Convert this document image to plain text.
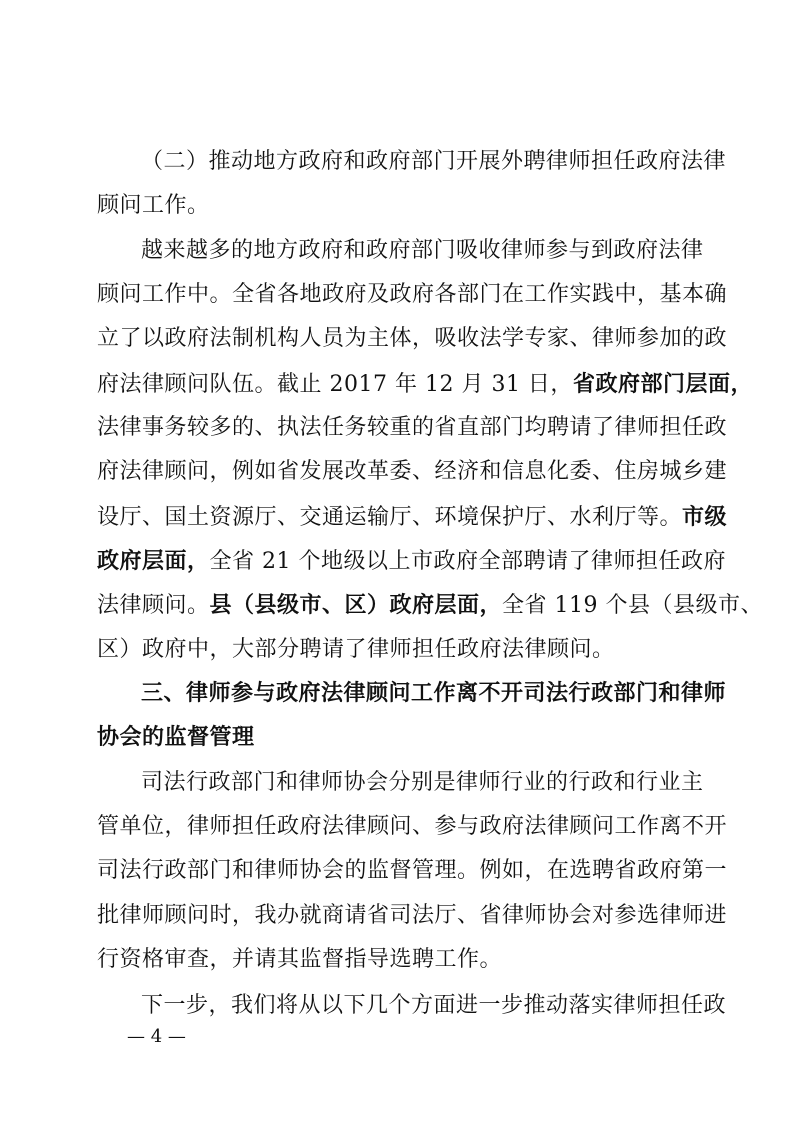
（二）推动地方政府和政府部门开展外聘律师担任政府法律
顾问工作。
越来越多的地方政府和政府部门吸收律师参与到政府法律
顾问工作中。全省各地政府及政府各部门在工作实践中，基本确
立了以政府法制机构人员为主体，吸收法学专家、律师参加的政
府法律顾问队伍。截止 2017 年 12 月 31 日，省政府部门层面，
法律事务较多的、执法任务较重的省直部门均聘请了律师担任政
府法律顾问，例如省发展改革委、经济和信息化委、住房城乡建
设厅、国土资源厅、交通运输厅、环境保护厅、水利厅等。市级
政府层面，全省 21 个地级以上市政府全部聘请了律师担任政府
法律顾问。县（县级市、区）政府层面，全省 119 个县（县级市、
区）政府中，大部分聘请了律师担任政府法律顾问。
三、律师参与政府法律顾问工作离不开司法行政部门和律师
协会的监督管理
司法行政部门和律师协会分别是律师行业的行政和行业主
管单位，律师担任政府法律顾问、参与政府法律顾问工作离不开
司法行政部门和律师协会的监督管理。例如，在选聘省政府第一
批律师顾问时，我办就商请省司法厅、省律师协会对参选律师进
行资格审查，并请其监督指导选聘工作。
下一步，我们将从以下几个方面进一步推动落实律师担任政
— 4 —
